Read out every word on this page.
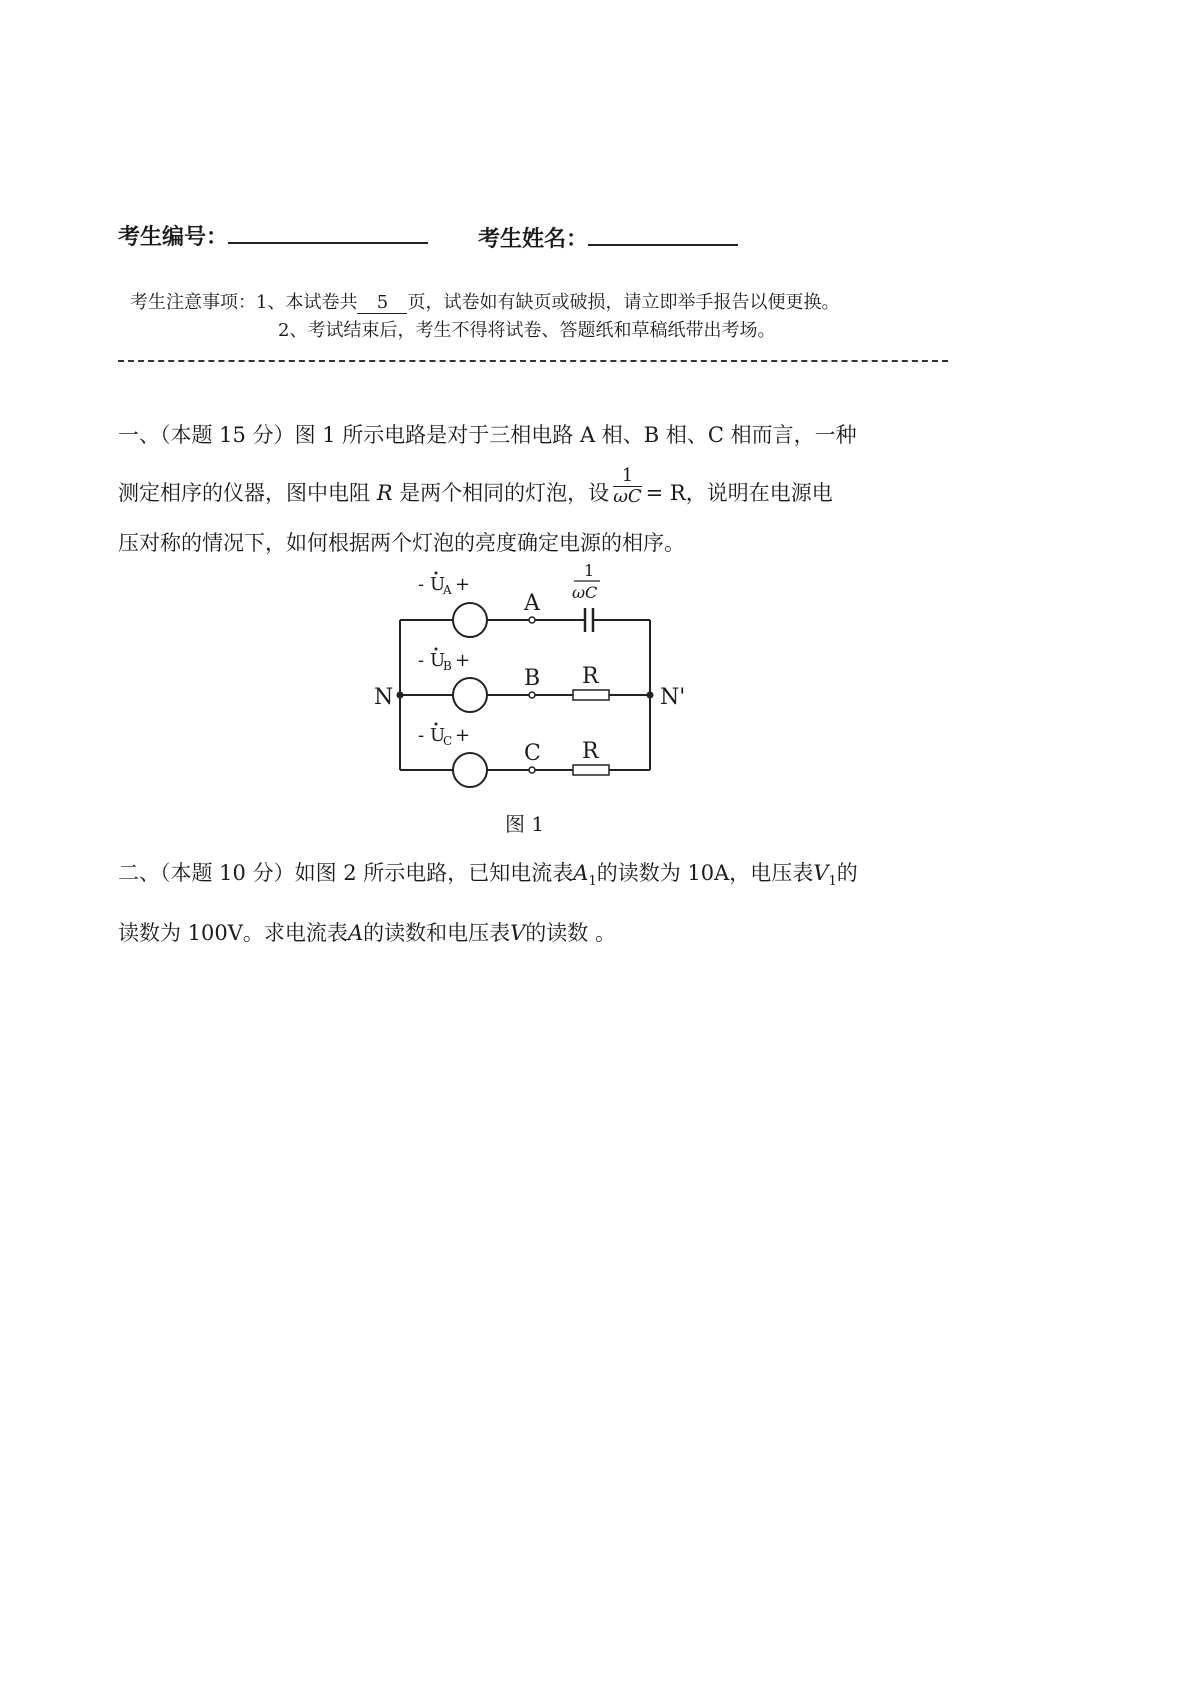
考生编号：	考生姓名：
考生注意事项：1、本试卷共 5 页，试卷如有缺页或破损，请立即举手报告以便更换。
2、考试结束后，考生不得将试卷、答题纸和草稿纸带出考场。
一、（本题 15 分）图 1 所示电路是对于三相电路 A 相、B 相、C 相而言，一种
测定相序的仪器，图中电阻 R 是两个相同的灯泡，设 $\frac{1}{\omega C} = R$，说明在电源电
压对称的情况下，如何根据两个灯泡的亮度确定电源的相序。
- U
A +
- U
B +
- U
C +
A
B
C
N	N'
R
R
1
ωC
图 1
二、（本题 10 分）如图 2 所示电路，已知电流表$A_1$的读数为 10A，电压表$V_1$的
读数为 100V。求电流表A的读数和电压表V的读数 。
